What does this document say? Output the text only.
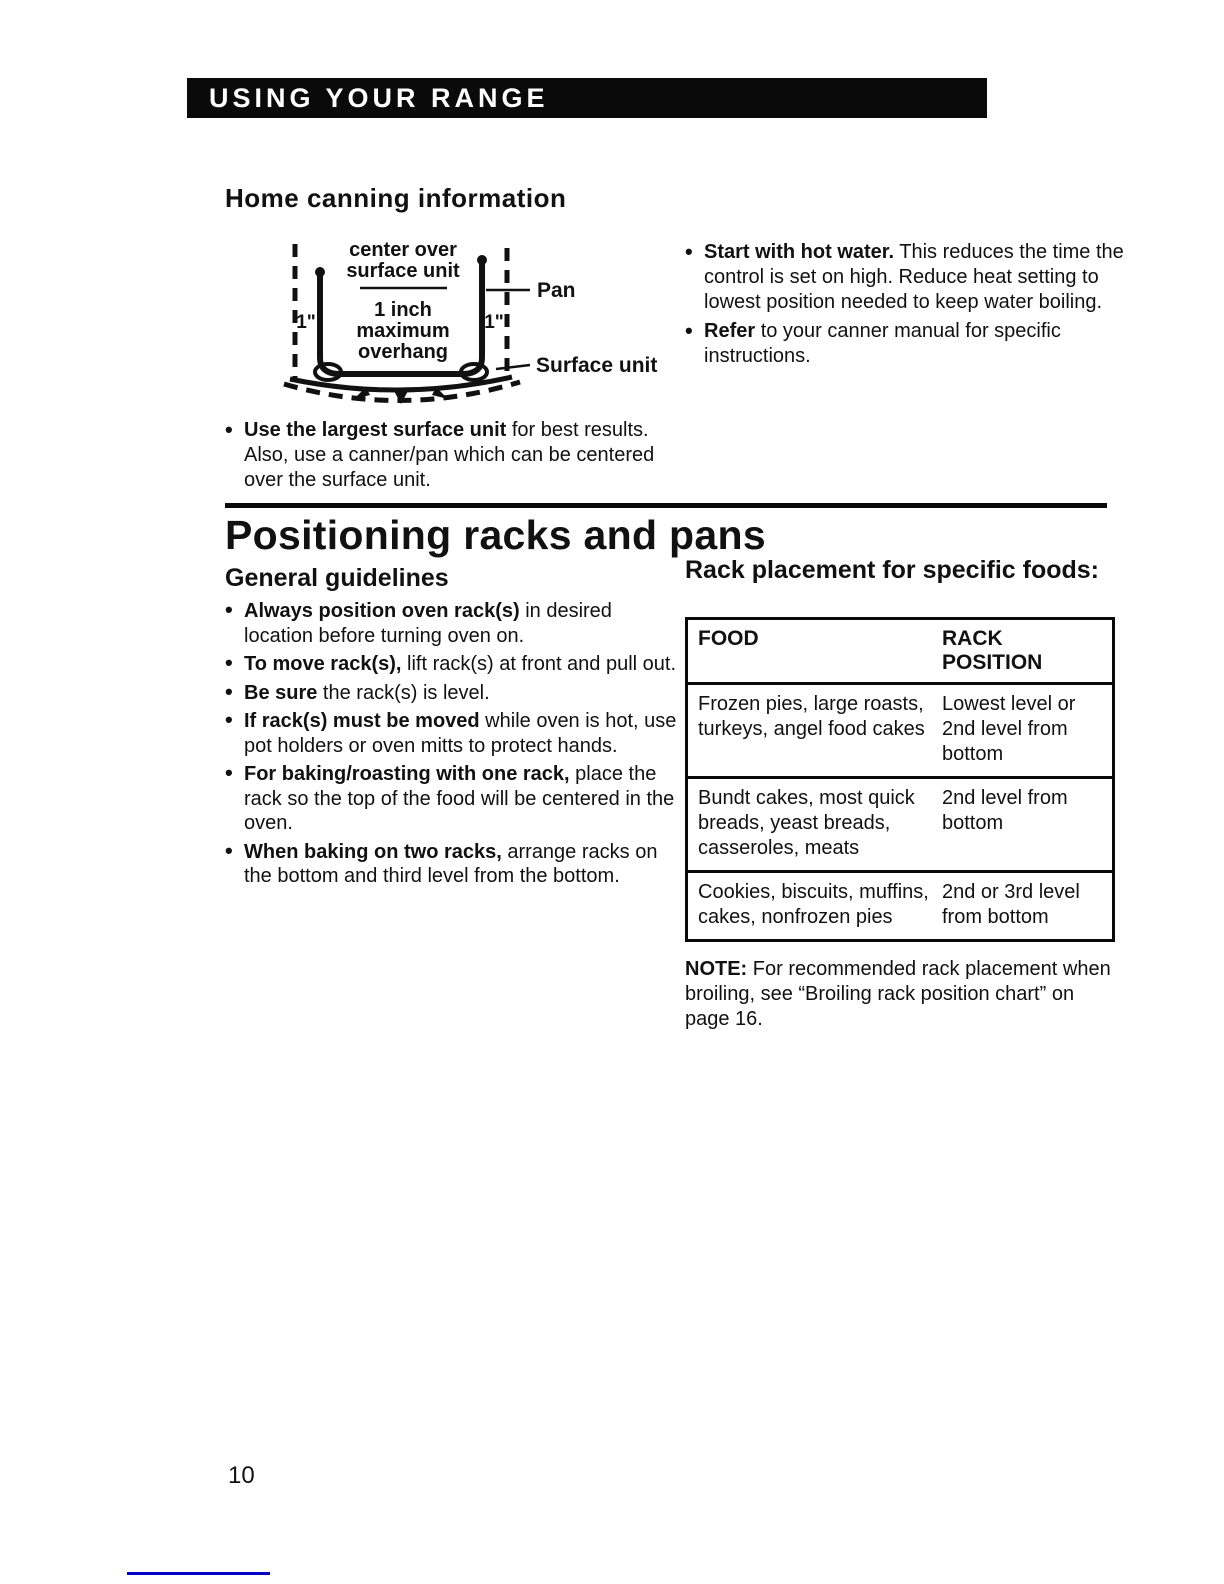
USING YOUR RANGE
Home canning information
center over
surface unit
1 inch
maximum
overhang
1"	1"
Pan
Surface unit
• Use the largest surface unit for best results. Also, use a canner/pan which can be centered over the surface unit.
• Start with hot water. This reduces the time the control is set on high. Reduce heat setting to lowest position needed to keep water boiling.
• Refer to your canner manual for specific instructions.
Positioning racks and pans
General guidelines
• Always position oven rack(s) in desired location before turning oven on.
• To move rack(s), lift rack(s) at front and pull out.
• Be sure the rack(s) is level.
• If rack(s) must be moved while oven is hot, use pot holders or oven mitts to protect hands.
• For baking/roasting with one rack, place the rack so the top of the food will be centered in the oven.
• When baking on two racks, arrange racks on the bottom and third level from the bottom.
Rack placement for specific foods:
FOOD	RACK POSITION
Frozen pies, large roasts, turkeys, angel food cakes
Lowest level or 2nd level from bottom
Bundt cakes, most quick breads, yeast breads, casseroles, meats
2nd level from bottom
Cookies, biscuits, muffins, cakes, nonfrozen pies
2nd or 3rd level from bottom
NOTE: For recommended rack placement when broiling, see “Broiling rack position chart” on page 16.
10
